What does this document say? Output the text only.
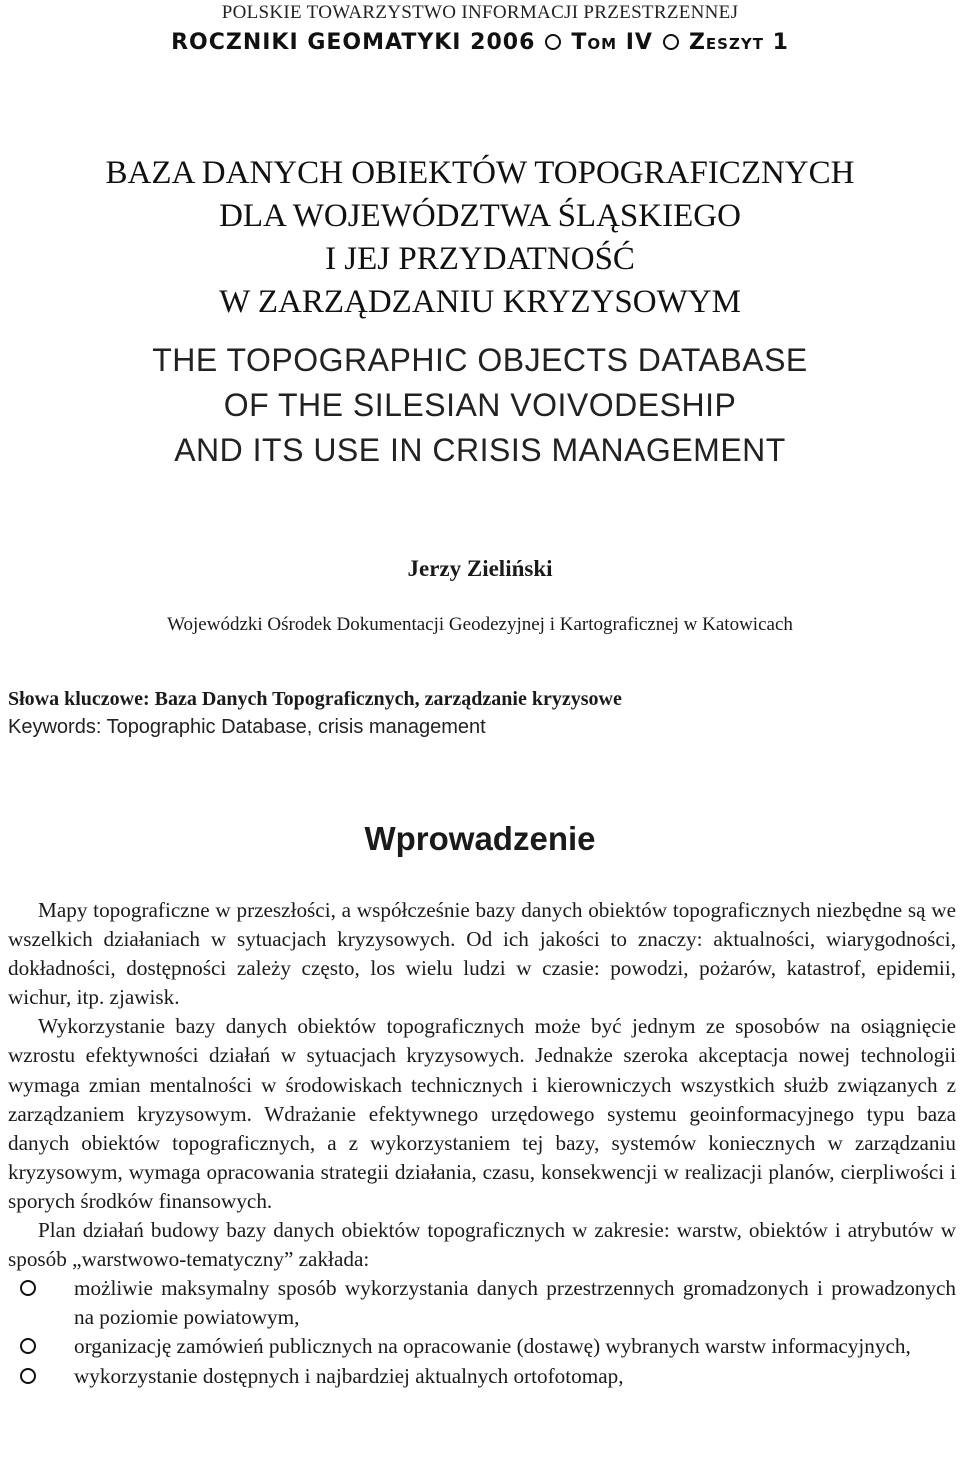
POLSKIE TOWARZYSTWO INFORMACJI PRZESTRZENNEJ
ROCZNIKI GEOMATYKI 2006 Tom IV Zeszyt 1
BAZA DANYCH OBIEKTÓW TOPOGRAFICZNYCH
DLA WOJEWÓDZTWA ŚLĄSKIEGO
I JEJ PRZYDATNOŚĆ
W ZARZĄDZANIU KRYZYSOWYM
THE TOPOGRAPHIC OBJECTS DATABASE
OF THE SILESIAN VOIVODESHIP
AND ITS USE IN CRISIS MANAGEMENT
Jerzy Zieliński
Wojewódzki Ośrodek Dokumentacji Geodezyjnej i Kartograficznej w Katowicach
Słowa kluczowe: Baza Danych Topograficznych, zarządzanie kryzysowe
Keywords: Topographic Database, crisis management
Wprowadzenie

Mapy topograficzne w przeszłości, a współcześnie bazy danych obiektów topograficznych niezbędne są we wszelkich działaniach w sytuacjach kryzysowych. Od ich jakości to znaczy: aktualności, wiarygodności, dokładności, dostępności zależy często, los wielu ludzi w czasie: powodzi, pożarów, katastrof, epidemii, wichur, itp. zjawisk.

Wykorzystanie bazy danych obiektów topograficznych może być jednym ze sposobów na osiągnięcie wzrostu efektywności działań w sytuacjach kryzysowych. Jednakże szeroka akceptacja nowej technologii wymaga zmian mentalności w środowiskach technicznych i kierowniczych wszystkich służb związanych z zarządzaniem kryzysowym. Wdrażanie efektywnego urzędowego systemu geoinformacyjnego typu baza danych obiektów topograficznych, a z wykorzystaniem tej bazy, systemów koniecznych w zarządzaniu kryzysowym, wymaga opracowania strategii działania, czasu, konsekwencji w realizacji planów, cierpliwości i sporych środków finansowych.

Plan działań budowy bazy danych obiektów topograficznych w zakresie: warstw, obiektów i atrybutów w sposób „warstwowo-tematyczny” zakłada:

możliwie maksymalny sposób wykorzystania danych przestrzennych gromadzonych i prowadzonych na poziomie powiatowym,
organizację zamówień publicznych na opracowanie (dostawę) wybranych warstw informacyjnych,
wykorzystanie dostępnych i najbardziej aktualnych ortofotomap,
